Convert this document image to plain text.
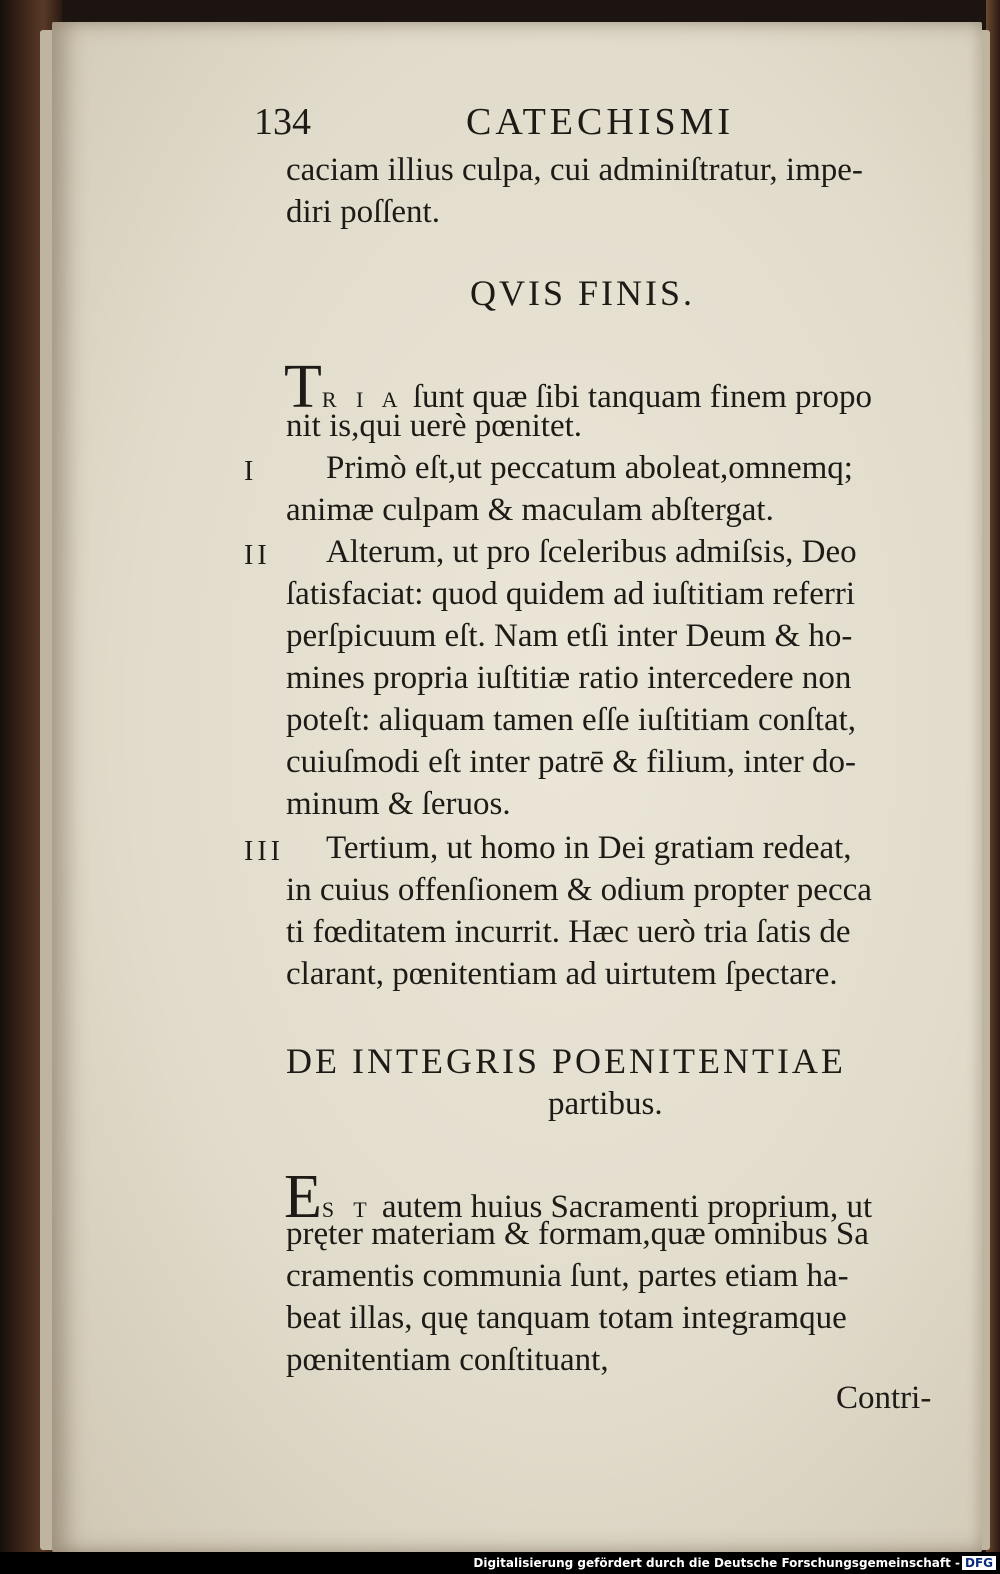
134	CATECHISMI
caciam illius culpa, cui adminiſtratur, impe-
diri poſſent.
QVIS FINIS.
TR I A ſunt quæ ſibi tanquam finem propo
nit is,qui uerè pœnitet.
I Primò eſt,ut peccatum aboleat,omnemq;
animæ culpam & maculam abſtergat.
II Alterum, ut pro ſceleribus admiſsis, Deo
ſatisfaciat: quod quidem ad iuſtitiam referri
perſpicuum eſt. Nam etſi inter Deum & ho-
mines propria iuſtitiæ ratio intercedere non
poteſt: aliquam tamen eſſe iuſtitiam conſtat,
cuiuſmodi eſt inter patrē & filium, inter do-
minum & ſeruos.
III Tertium, ut homo in Dei gratiam redeat,
in cuius offenſionem & odium propter pecca
ti fœditatem incurrit. Hæc uerò tria ſatis de
clarant, pœnitentiam ad uirtutem ſpectare.
DE INTEGRIS POENITENTIAE
partibus.
ES T autem huius Sacramenti proprium, ut
pręter materiam & formam,quæ omnibus Sa
cramentis communia ſunt, partes etiam ha-
beat illas, quę tanquam totam integramque
pœnitentiam conſtituant,
Contri-
Digitalisierung gefördert durch die Deutsche Forschungsgemeinschaft - DFG
